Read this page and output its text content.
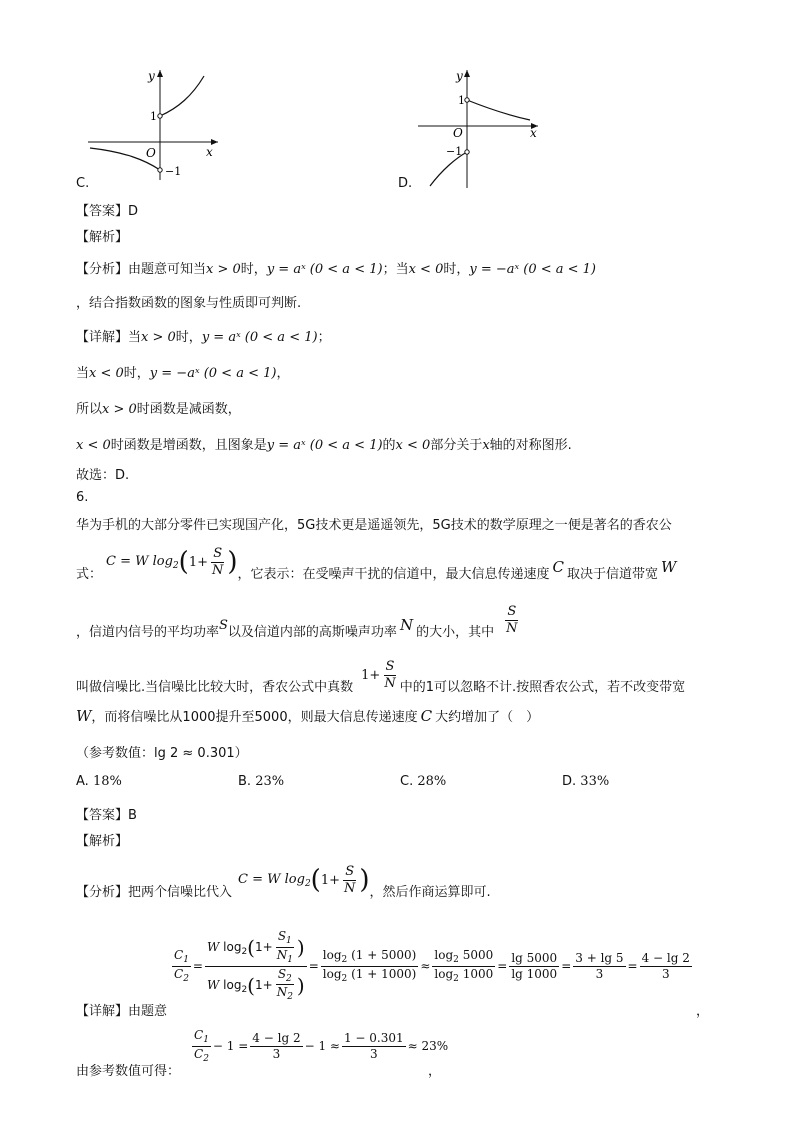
y
x
O
1
−1
C.
y
x
O
1
−1
D.
【答案】D
【解析】
【分析】由题意可知当x > 0时，y = aˣ (0 < a < 1)；当x < 0时，y = −aˣ (0 < a < 1)
，结合指数函数的图象与性质即可判断.
【详解】当x > 0时，y = aˣ (0 < a < 1)；
当x < 0时，y = −aˣ (0 < a < 1)，
所以x > 0时函数是减函数，
x < 0时函数是增函数，且图象是y = aˣ (0 < a < 1)的x < 0部分关于x轴的对称图形.
故选：D.
6.
华为手机的大部分零件已实现国产化，5G技术更是遥遥领先，5G技术的数学原理之一便是著名的香农公
式：
C = W $\log_2$ ( $1+ \frac{S}{N}$ ) ，它表示：在受噪声干扰的信道中，最大信息传递速度 C 取决于信道带宽 W
，信道内信号的平均功率 S 以及信道内部的高斯噪声功率 N 的大小，其中 $\frac{S}{N}$
叫做信噪比.当信噪比比较大时，香农公式中真数
$1+ \frac{S}{N}$ 中的1可以忽略不计.按照香农公式，若不改变带宽
W，而将信噪比从1000提升至5000，则最大信息传递速度 C 大约增加了（　）
（参考数值：lg 2 ≈ 0.301）
A. 18%	B. 23%	C. 28%	D. 33%
【答案】B
【解析】
【分析】 把两个信噪比代入
C = W $\log_2$ ( $1+ \frac{S}{N}$ ) ，然后作商运算即可.
$\frac{C_1}{C_2} = \frac{W \log_2(1+ \frac{S_1}{N_1} )}{W \log_2(1+ \frac{S_2}{N_2} )} = \frac{\log_2 (1 + 5000)}{\log_2 (1 + 1000)} \approx \frac{\log_2 5000}{\log_2 1000} = \frac{\lg 5000}{\lg 1000} = \frac{3 + \lg 5}{3} = \frac{4 - \lg 2}{3}$
【详解】由题意	，
$\frac{C_1}{C_2} - 1 = \frac{4 - \lg 2}{3} - 1 \approx \frac{1 - 0.301}{3} \approx 23\%$
由参考数值可得：	，
